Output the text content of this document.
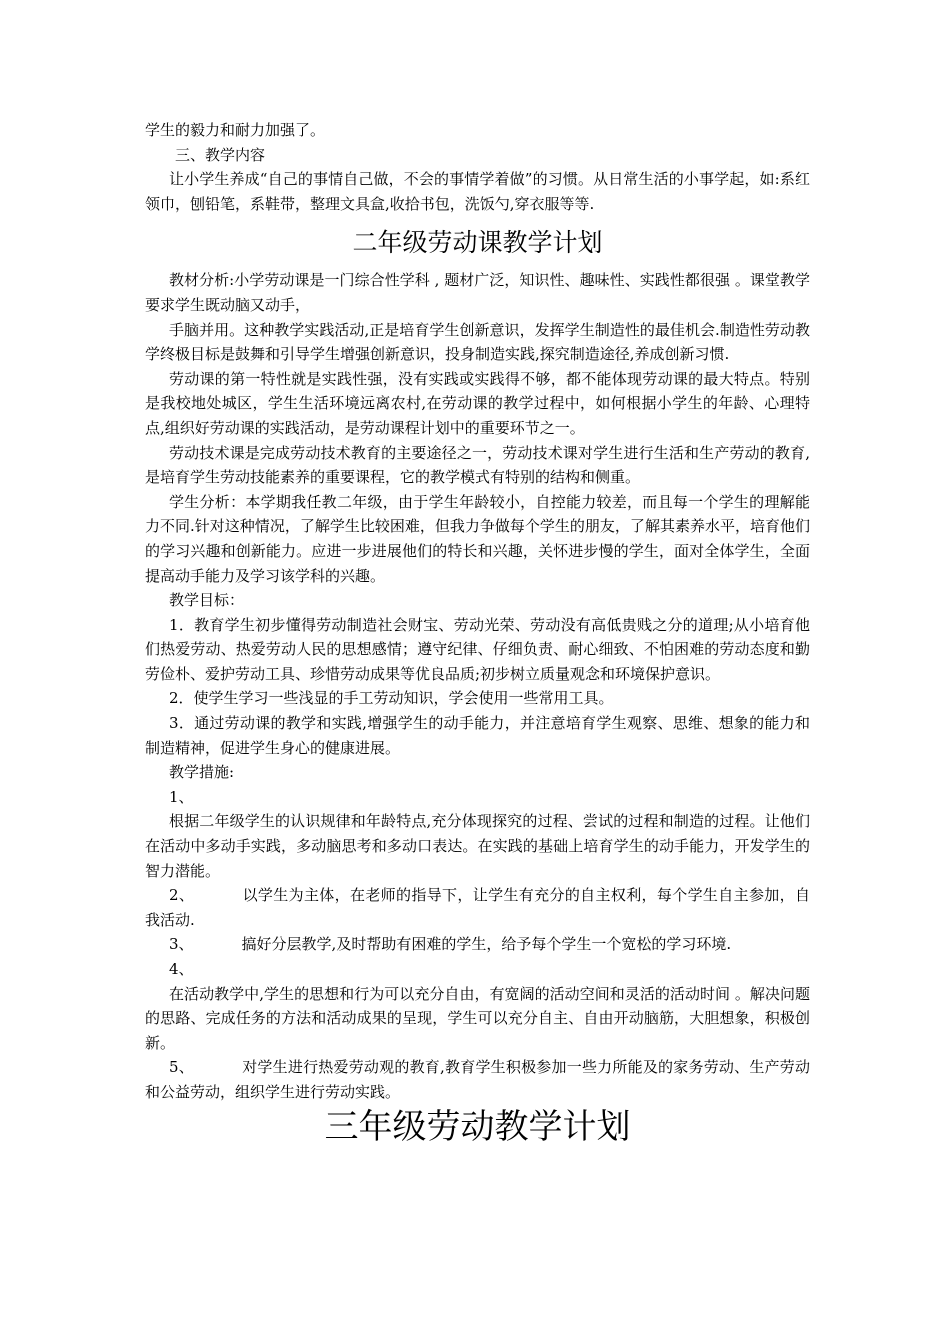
学生的毅力和耐力加强了。

三、教学内容

让小学生养成“自己的事情自己做，不会的事情学着做”的习惯。从日常生活的小事学起，如:系红领巾，刨铅笔，系鞋带，整理文具盒,收拾书包，洗饭勺,穿衣服等等.

二年级劳动课教学计划

教材分析:小学劳动课是一门综合性学科 , 题材广泛，知识性、趣味性、实践性都很强 。课堂教学要求学生既动脑又动手，

手脑并用。这种教学实践活动,正是培育学生创新意识，发挥学生制造性的最佳机会.制造性劳动教学终极目标是鼓舞和引导学生增强创新意识，投身制造实践,探究制造途径,养成创新习惯.

劳动课的第一特性就是实践性强，没有实践或实践得不够，都不能体现劳动课的最大特点。特别是我校地处城区，学生生活环境远离农村,在劳动课的教学过程中，如何根据小学生的年龄、心理特点,组织好劳动课的实践活动，是劳动课程计划中的重要环节之一。

劳动技术课是完成劳动技术教育的主要途径之一，劳动技术课对学生进行生活和生产劳动的教育,是培育学生劳动技能素养的重要课程，它的教学模式有特别的结构和侧重。

学生分析：本学期我任教二年级，由于学生年龄较小，自控能力较差，而且每一个学生的理解能力不同.针对这种情况，了解学生比较困难，但我力争做每个学生的朋友，了解其素养水平，培育他们的学习兴趣和创新能力。应进一步进展他们的特长和兴趣，关怀进步慢的学生，面对全体学生，全面提高动手能力及学习该学科的兴趣。

教学目标：

1．教育学生初步懂得劳动制造社会财宝、劳动光荣、劳动没有高低贵贱之分的道理;从小培育他们热爱劳动、热爱劳动人民的思想感情；遵守纪律、仔细负责、耐心细致、不怕困难的劳动态度和勤劳俭朴、爱护劳动工具、珍惜劳动成果等优良品质;初步树立质量观念和环境保护意识。

2．使学生学习一些浅显的手工劳动知识，学会使用一些常用工具。

3．通过劳动课的教学和实践,增强学生的动手能力，并注意培育学生观察、思维、想象的能力和制造精神，促进学生身心的健康进展。

教学措施:

1、

根据二年级学生的认识规律和年龄特点,充分体现探究的过程、尝试的过程和制造的过程。让他们在活动中多动手实践，多动脑思考和多动口表达。在实践的基础上培育学生的动手能力，开发学生的智力潜能。

2、	以学生为主体，在老师的指导下，让学生有充分的自主权利，每个学生自主参加，自我活动.

3、	搞好分层教学,及时帮助有困难的学生，给予每个学生一个宽松的学习环境.

4、

在活动教学中,学生的思想和行为可以充分自由，有宽阔的活动空间和灵活的活动时间 。解决问题的思路、完成任务的方法和活动成果的呈现，学生可以充分自主、自由开动脑筋，大胆想象，积极创新。

5、	对学生进行热爱劳动观的教育,教育学生积极参加一些力所能及的家务劳动、生产劳动和公益劳动，组织学生进行劳动实践。

三年级劳动教学计划
